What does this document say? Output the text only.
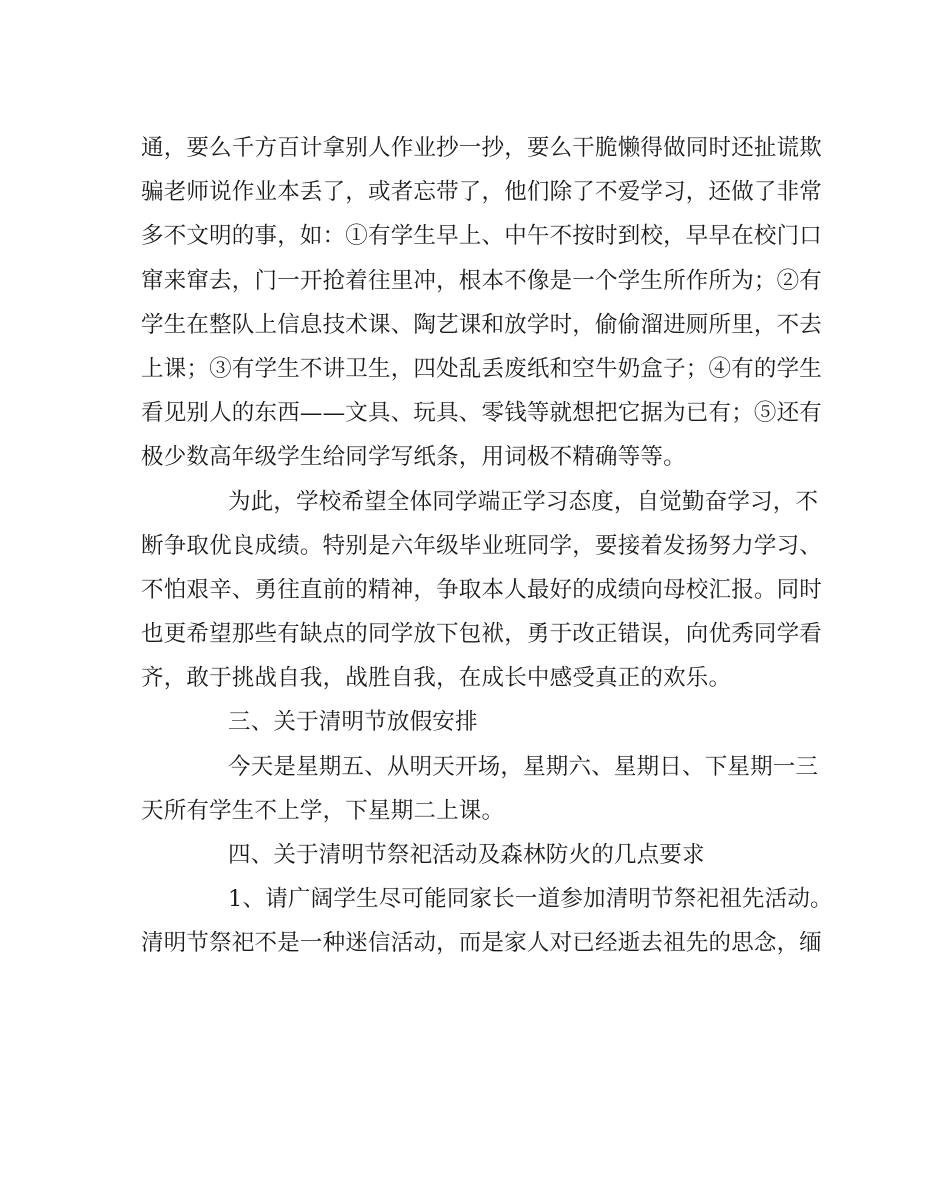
通，要么千方百计拿别人作业抄一抄，要么干脆懒得做同时还扯谎欺
骗老师说作业本丢了，或者忘带了，他们除了不爱学习，还做了非常
多不文明的事，如：①有学生早上、中午不按时到校，早早在校门口
窜来窜去，门一开抢着往里冲，根本不像是一个学生所作所为；②有
学生在整队上信息技术课、陶艺课和放学时，偷偷溜进厕所里，不去
上课；③有学生不讲卫生，四处乱丢废纸和空牛奶盒子；④有的学生
看见别人的东西——文具、玩具、零钱等就想把它据为已有；⑤还有
极少数高年级学生给同学写纸条，用词极不精确等等。
为此，学校希望全体同学端正学习态度，自觉勤奋学习，不
断争取优良成绩。特别是六年级毕业班同学，要接着发扬努力学习、
不怕艰辛、勇往直前的精神，争取本人最好的成绩向母校汇报。同时
也更希望那些有缺点的同学放下包袱，勇于改正错误，向优秀同学看
齐，敢于挑战自我，战胜自我，在成长中感受真正的欢乐。
三、关于清明节放假安排
今天是星期五、从明天开场，星期六、星期日、下星期一三
天所有学生不上学，下星期二上课。
四、关于清明节祭祀活动及森林防火的几点要求
1、请广阔学生尽可能同家长一道参加清明节祭祀祖先活动。
清明节祭祀不是一种迷信活动，而是家人对已经逝去祖先的思念，缅
